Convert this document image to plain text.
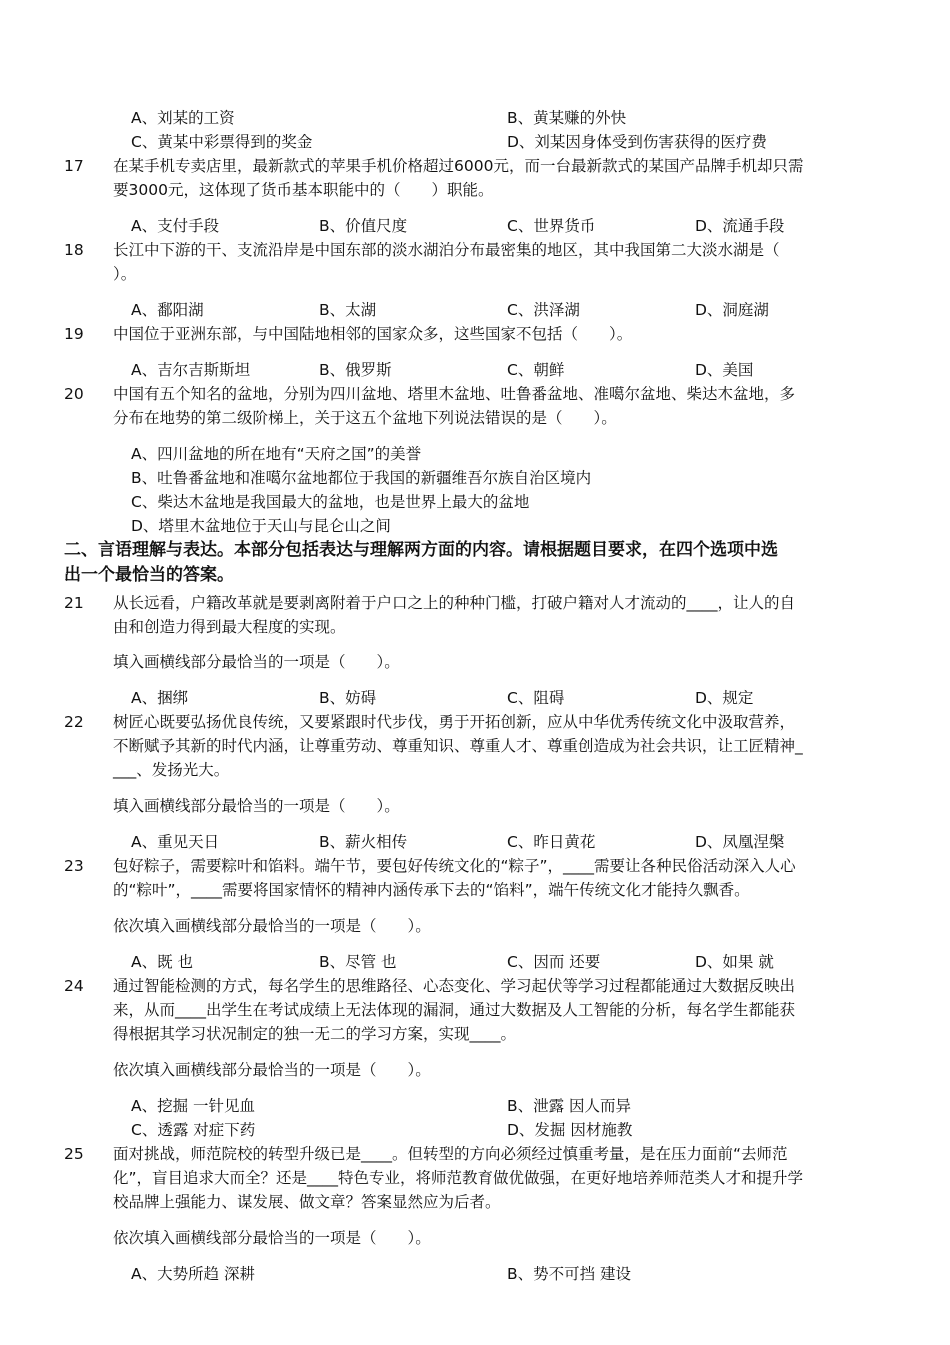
A、刘某的工资	B、黄某赚的外快
C、黄某中彩票得到的奖金	D、刘某因身体受到伤害获得的医疗费
17 在某手机专卖店里，最新款式的苹果手机价格超过6000元，而一台最新款式的某国产品牌手机却只需
要3000元，这体现了货币基本职能中的（　　）职能。
A、支付手段	B、价值尺度	C、世界货币	D、流通手段
18 长江中下游的干、支流沿岸是中国东部的淡水湖泊分布最密集的地区，其中我国第二大淡水湖是（
）。
A、鄱阳湖	B、太湖	C、洪泽湖	D、洞庭湖
19 中国位于亚洲东部，与中国陆地相邻的国家众多，这些国家不包括（　　）。
A、吉尔吉斯斯坦	B、俄罗斯	C、朝鲜	D、美国
20 中国有五个知名的盆地，分别为四川盆地、塔里木盆地、吐鲁番盆地、准噶尔盆地、柴达木盆地，多
分布在地势的第二级阶梯上，关于这五个盆地下列说法错误的是（　　）。
A、四川盆地的所在地有“天府之国”的美誉
B、吐鲁番盆地和准噶尔盆地都位于我国的新疆维吾尔族自治区境内
C、柴达木盆地是我国最大的盆地，也是世界上最大的盆地
D、塔里木盆地位于天山与昆仑山之间
二、言语理解与表达。本部分包括表达与理解两方面的内容。请根据题目要求，在四个选项中选
出一个最恰当的答案。
21 从长远看，户籍改革就是要剥离附着于户口之上的种种门槛，打破户籍对人才流动的____，让人的自
由和创造力得到最大程度的实现。
填入画横线部分最恰当的一项是（　　）。
A、捆绑	B、妨碍	C、阻碍	D、规定
22 树匠心既要弘扬优良传统，又要紧跟时代步伐，勇于开拓创新，应从中华优秀传统文化中汲取营养，
不断赋予其新的时代内涵，让尊重劳动、尊重知识、尊重人才、尊重创造成为社会共识，让工匠精神_
___、发扬光大。
填入画横线部分最恰当的一项是（　　）。
A、重见天日	B、薪火相传	C、昨日黄花	D、凤凰涅槃
23 包好粽子，需要粽叶和馅料。端午节，要包好传统文化的“粽子”，____需要让各种民俗活动深入人心
的“粽叶”，____需要将国家情怀的精神内涵传承下去的“馅料”，端午传统文化才能持久飘香。
依次填入画横线部分最恰当的一项是（　　）。
A、既 也	B、尽管 也	C、因而 还要	D、如果 就
24 通过智能检测的方式，每名学生的思维路径、心态变化、学习起伏等学习过程都能通过大数据反映出
来，从而____出学生在考试成绩上无法体现的漏洞，通过大数据及人工智能的分析，每名学生都能获
得根据其学习状况制定的独一无二的学习方案，实现____。
依次填入画横线部分最恰当的一项是（　　）。
A、挖掘 一针见血	B、泄露 因人而异
C、透露 对症下药	D、发掘 因材施教
25 面对挑战，师范院校的转型升级已是____。但转型的方向必须经过慎重考量，是在压力面前“去师范
化”，盲目追求大而全？还是____特色专业，将师范教育做优做强，在更好地培养师范类人才和提升学
校品牌上强能力、谋发展、做文章？答案显然应为后者。
依次填入画横线部分最恰当的一项是（　　）。
A、大势所趋 深耕	B、势不可挡 建设
